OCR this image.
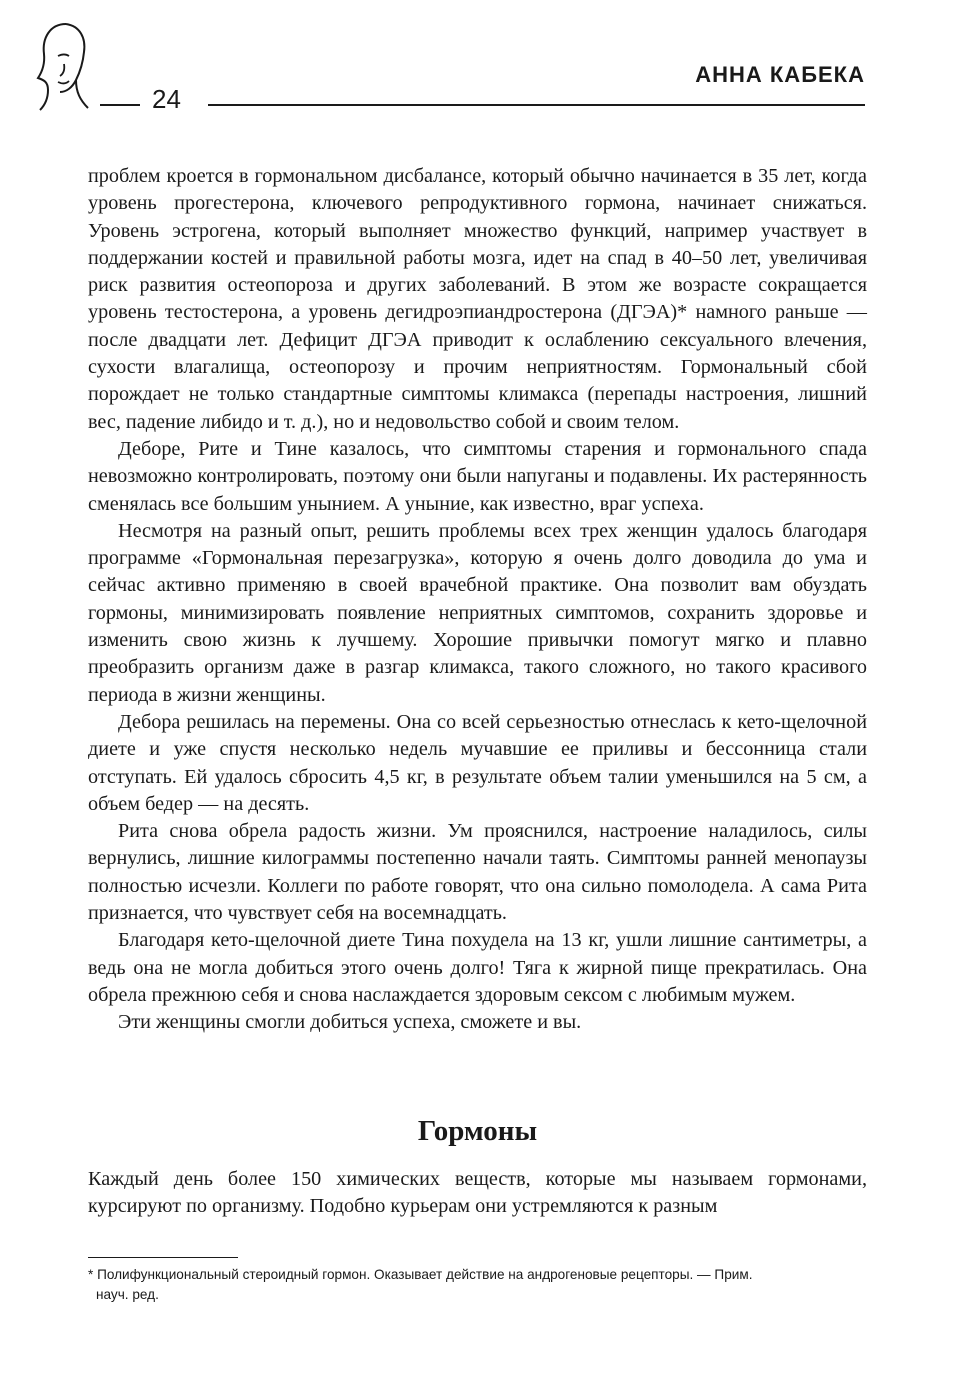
24
АННА КАБЕКА

проблем кроется в гормональном дисбалансе, который обычно начинается в 35 лет, когда уровень прогестерона, ключевого репродуктивного гормона, начинает снижаться. Уровень эстрогена, который выполняет множество функций, например участвует в поддержании костей и правильной работы мозга, идет на спад в 40–50 лет, увеличивая риск развития остеопороза и других заболеваний. В этом же возрасте сокращается уровень тестостерона, а уровень дегидроэпиандростерона (ДГЭА)* намного раньше — после двадцати лет. Дефицит ДГЭА приводит к ослаблению сексуального влечения, сухости влагалища, остеопорозу и прочим неприятностям. Гормональный сбой порождает не только стандартные симптомы климакса (перепады настроения, лишний вес, падение либидо и т. д.), но и недовольство собой и своим телом.

Деборе, Рите и Тине казалось, что симптомы старения и гормонального спада невозможно контролировать, поэтому они были напуганы и подавлены. Их растерянность сменялась все большим унынием. А уныние, как известно, враг успеха.

Несмотря на разный опыт, решить проблемы всех трех женщин удалось благодаря программе «Гормональная перезагрузка», которую я очень долго доводила до ума и сейчас активно применяю в своей врачебной практике. Она позволит вам обуздать гормоны, минимизировать появление неприятных симптомов, сохранить здоровье и изменить свою жизнь к лучшему. Хорошие привычки помогут мягко и плавно преобразить организм даже в разгар климакса, такого сложного, но такого красивого периода в жизни женщины.

Дебора решилась на перемены. Она со всей серьезностью отнеслась к кето-щелочной диете и уже спустя несколько недель мучавшие ее приливы и бессонница стали отступать. Ей удалось сбросить 4,5 кг, в результате объем талии уменьшился на 5 см, а объем бедер — на десять.

Рита снова обрела радость жизни. Ум прояснился, настроение наладилось, силы вернулись, лишние килограммы постепенно начали таять. Симптомы ранней менопаузы полностью исчезли. Коллеги по работе говорят, что она сильно помолодела. А сама Рита признается, что чувствует себя на восемнадцать.

Благодаря кето-щелочной диете Тина похудела на 13 кг, ушли лишние сантиметры, а ведь она не могла добиться этого очень долго! Тяга к жирной пище прекратилась. Она обрела прежнюю себя и снова наслаждается здоровым сексом с любимым мужем.

Эти женщины смогли добиться успеха, сможете и вы.

Гормоны

Каждый день более 150 химических веществ, которые мы называем гормонами, курсируют по организму. Подобно курьерам они устремляются к разным

* Полифункциональный стероидный гормон. Оказывает действие на андрогеновые рецепторы. — Прим.
науч. ред.
